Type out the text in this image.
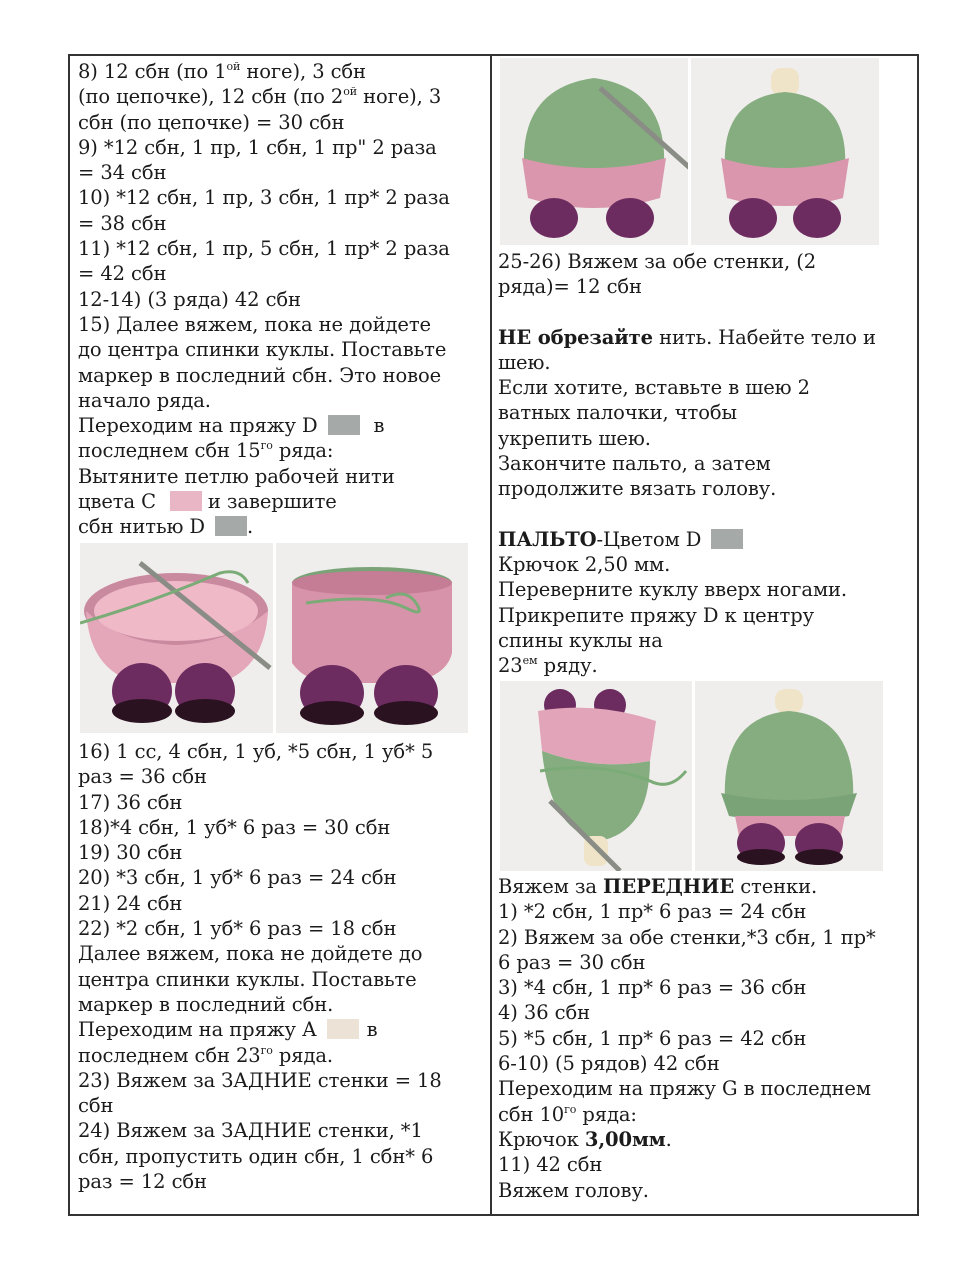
8) 12 сбн (по $1^{ой}$ ноге), 3 сбн
(по цепочке), 12 сбн (по $2^{ой}$ ноге), 3
сбн (по цепочке) = 30 сбн
9) *12 сбн, 1 пр, 1 сбн, 1 пр" 2 раза
= 34 сбн
10) *12 сбн, 1 пр, 3 сбн, 1 пр* 2 раза
= 38 сбн
11) *12 сбн, 1 пр, 5 сбн, 1 пр* 2 раза
= 42 сбн
12-14) (3 ряда) 42 сбн
15) Далее вяжем, пока не дойдете
до центра спинки куклы. Поставьте
маркер в последний сбн. Это новое
начало ряда.
Переходим на пряжу D	в
последнем сбн $15^{го}$ ряда:
Вытяните петлю рабочей нити
цвета С	и завершите
сбн нитью D .
16) 1 сс, 4 сбн, 1 уб, *5 сбн, 1 уб* 5
раз = 36 сбн
17) 36 сбн
18)*4 сбн, 1 уб* 6 раз = 30 сбн
19) 30 сбн
20) *3 сбн, 1 уб* 6 раз = 24 сбн
21) 24 сбн
22) *2 сбн, 1 уб* 6 раз = 18 сбн
Далее вяжем, пока не дойдете до
центра спинки куклы. Поставьте
маркер в последний сбн.
Переходим на пряжу А	в
последнем сбн $23^{го}$ ряда.
23) Вяжем за ЗАДНИЕ стенки = 18
сбн
24) Вяжем за ЗАДНИЕ стенки, *1
сбн, пропустить один сбн, 1 сбн* 6
раз = 12 сбн
25-26) Вяжем за обе стенки, (2
ряда)= 12 сбн
НЕ обрезайте нить. Набейте тело и
шею.
Если хотите, вставьте в шею 2
ватных палочки, чтобы
укрепить шею.
Закончите пальто, а затем
продолжите вязать голову.
ПАЛЬТО-Цветом D
Крючок 2,50 мм.
Переверните куклу вверх ногами.
Прикрепите пряжу D к центру
спины куклы на
$23^{ем}$ ряду.
Вяжем за ПЕРЕДНИЕ стенки.
1) *2 сбн, 1 пр* 6 раз = 24 сбн
2) Вяжем за обе стенки,*3 сбн, 1 пр*
6 раз = 30 сбн
3) *4 сбн, 1 пр* 6 раз = 36 сбн
4) 36 сбн
5) *5 сбн, 1 пр* 6 раз = 42 сбн
6-10) (5 рядов) 42 сбн
Переходим на пряжу G в последнем
сбн $10^{го}$ ряда:
Крючок 3,00мм.
11) 42 сбн
Вяжем голову.
